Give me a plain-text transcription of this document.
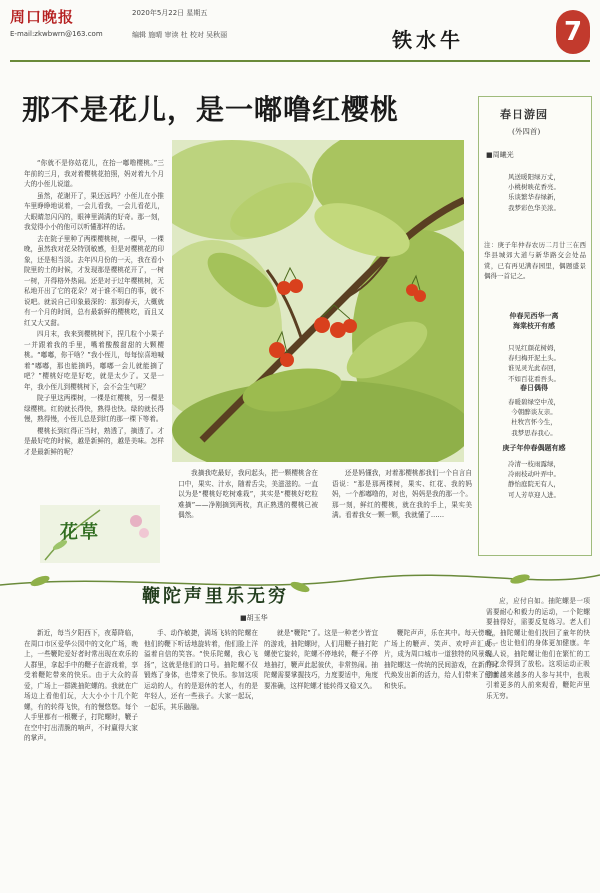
周口晚报
E-mail:zkwbwrn@163.com
2020年5月22日 星期五
编辑 施晴 审读 杜 校对 吴秋丽	铁水牛	7
那不是花儿，是一嘟噜红樱桃

“你就不是你姑花儿，在抬一嘟噜樱桃。”三年前的三月，我对着樱桃花拍照，妈对着九个月大的小侄儿说道。

虽然，花谢开了，果还远吗？小侄儿在小推车里睁睁地说着，一会儿看我，一会儿看花儿，大眼睛忽闪闪的，眼神里满满的好奇。那一刻，我觉得小小的他可以听懂那样的话。

去在院子里种了两棵樱桃树，一棵早，一棵晚，虽然我对花朵特别敏感，但是对樱桃花的印象，还是相当淡。去年四月份的一天，我在看小院里的土的时候，才发现那是樱桃花开了，一树一树，开得格外热闹。还是对于过年樱桃树，无私地开出了它的花朵？对于谁不明白的事，就不说吧。就说自己印象最深的：那到春天，大概就有一个月的时间，总有最新鲜的樱桃吃，而且又红又大又甜。

四月末，我来到樱桃树下，捏几粒个小果子一并跟着我的手里，嘴着酸酸甜甜的大颗樱桃。“嘟嘟，你干啥？”我小侄儿，每每惊喜地喊着“嘟嘟，那也能摘吗，嘟嘟一会儿就能摘了吧？”樱桃好吃是好吃，就是太少了。又是一年，我小侄儿到樱桃树下，会不会生气呢？

院子里这两棵树，一棵是红樱桃，另一棵是绿樱桃。红的就长得快，熟得也快。绿的就长得慢，熟得慢，小侄儿总是到红的那一棵下等着。

樱桃长到红得正当时，熟透了，摘透了。才是最好吃的时候，越是新鲜的，越是美味。怎样才是最新鲜的呢？

我摘我吃最好，我问起头，把一颗樱桃含在口中，果实、汁水，随着舌尖，美滋滋的。一直以为是“樱桃好吃树难栽”，其实是“樱桃好吃粒难摘”——净刚摘到两枚，真正熟透的樱桃已被偶然。

还是妈懂我，对着那樱桃都我们一个自言自语说：“那是那两棵树，果实、红花、我的妈妈，一个都嘟噜的，对也，妈妈是我的那一个。那一刻，鲜红的樱桃，就在我的手上，果实美满。看着我女一颗一颗，我就懂了……

花草
春日游园
(外四首)
■周曦光
风送暖阳绿万丈，
小桃树映花香亮。
乐谈繁华春绿新，
我梦彩色华美浓。
注：庚子年仲春农历二月廿三在西华县城郊大道与新华路交会处品赏，已有再见满春园里，偶题盛景偶得一首记之。
仲春见西华一离
海棠枝开有感
只见红颜花树姆，
春归梅开泥土头。
谁见灵光此春回，
不如百花看吾头。
春日偶得
春暖碧绿空中茂，
今朝醉谈友亲。
杜牧宫怀今生，
我梦思春我心。
庚子年仲春偶题有感
冷清一枝雨露绿，
冷雨枝动叶弄中。
静怡庭院无有人，
可人芳草迎人进。
鞭陀声里乐无穷
■胡玉华

新近，每当夕阳西下，夜幕降临，在周口市区爱华公园中的文化广场，晚上，一些鞭陀爱好者时常出现在欢乐的人群里，拿起手中的鞭子在游戏着，享受着鞭陀带来的快乐。由于大众的喜爱，广场上一群跳抽陀螺的。我就在广场边上看他们玩，大大小小十几个陀螺，有的转得飞快，有的慢悠悠。每个人手里都有一根鞭子，打陀螺时，鞭子在空中打出清脆的响声，不时赢得大家的掌声。

手、动作敏捷，满场飞转的陀螺在他们的鞭下听话地旋转着，他们脸上洋溢着自信的笑容。“快乐陀螺，我心飞扬”，这就是他们的口号。抽陀螺不仅锻炼了身体，也带来了快乐。参加这项运动的人，有的是退休的老人，有的是年轻人，还有一些孩子。大家一起玩，一起乐，其乐融融。

就是“鞭陀”了。这是一种老少皆宜的游戏，抽陀螺时，人们用鞭子抽打陀螺使它旋转，陀螺不停地转，鞭子不停地抽打，鞭声此起彼伏，非常热闹。抽陀螺需要掌握技巧，力度要适中，角度要准确，这样陀螺才能转得又稳又久。

鞭陀声声，乐在其中。每天傍晚，广场上的鞭声、笑声、欢呼声汇成一片，成为周口城市一道独特的风景线。抽陀螺这一传统的民间游戏，在新的时代焕发出新的活力，给人们带来了健康和快乐。

应，应付自如。抽陀螺是一项需要耐心和毅力的运动，一个陀螺要抽得好，需要反复练习。老人们说，抽陀螺让他们找回了童年的快乐，也让他们的身体更加健康。年轻人说，抽陀螺让他们在繁忙的工作之余得到了放松。这项运动正吸引着越来越多的人参与其中，也吸引着更多的人前来观看，鞭陀声里乐无穷。
